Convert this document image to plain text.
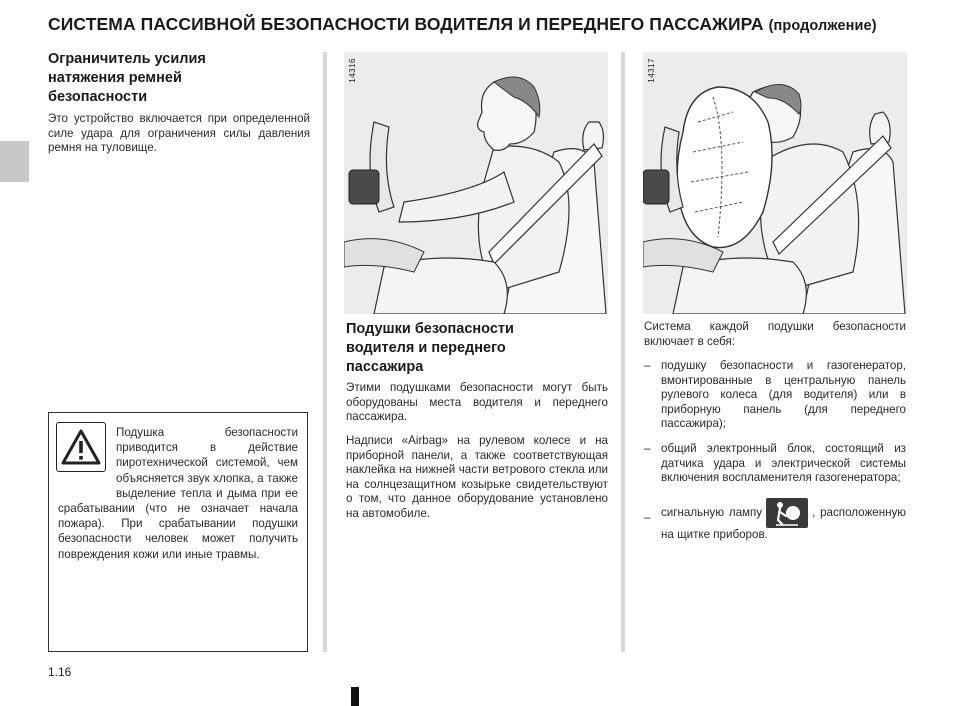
СИСТЕМА ПАССИВНОЙ БЕЗОПАСНОСТИ ВОДИТЕЛЯ И ПЕРЕДНЕГО ПАССАЖИРА (продолжение)
Ограничитель усилия
натяжения ремней
безопасности
Это устройство включается при определенной силе удара для ограничения силы давления ремня на туловище.
Подушка безопасности приводится в действие пиротехнической системой, чем объясняется звук хлопка, а также выделение тепла и дыма при ее срабатывании (что не означает начала пожара). При срабатывании подушки безопасности человек может получить повреждения кожи или иные травмы.
14316	14317
Подушки безопасности
водителя и переднего
пассажира
Этими подушками безопасности могут быть оборудованы места водителя и переднего пассажира.
Надписи «Airbag» на рулевом колесе и на приборной панели, а также соответствующая наклейка на нижней части ветрового стекла или на солнцезащитном козырьке свидетельствуют о том, что данное оборудование установлено на автомобиле.
Система каждой подушки безопасности включает в себя:
– подушку безопасности и газогенератор, вмонтированные в центральную панель рулевого колеса (для водителя) или в приборную панель (для переднего пассажира);
– общий электронный блок, состоящий из датчика удара и электрической системы включения воспламенителя газогенератора;
– сигнальную лампу	, расположенную на щитке приборов.
1.16
